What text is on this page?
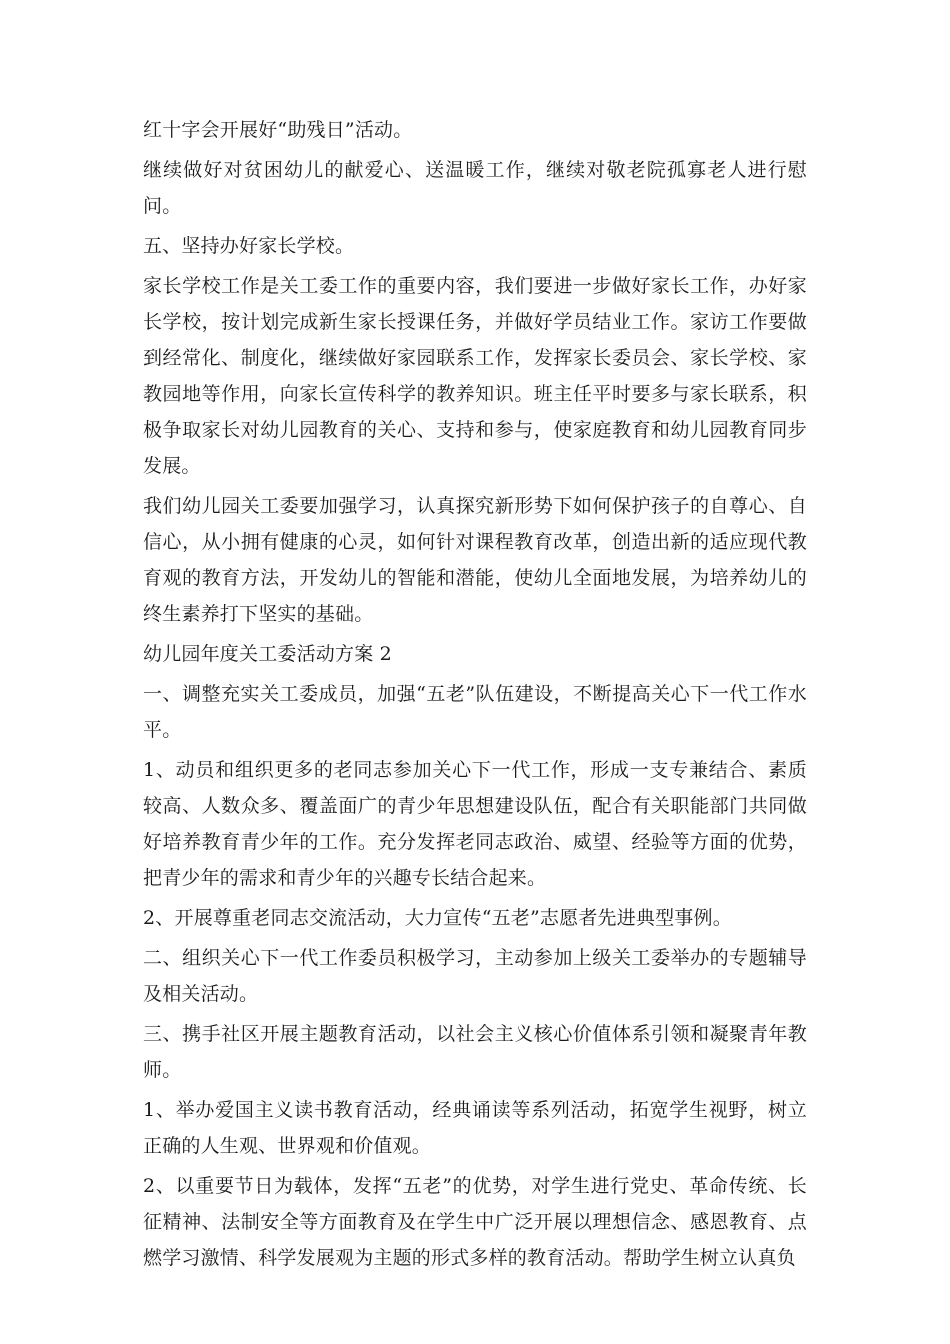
红十字会开展好“助残日”活动。

继续做好对贫困幼儿的献爱心、送温暖工作，继续对敬老院孤寡老人进行慰问。

五、坚持办好家长学校。

家长学校工作是关工委工作的重要内容，我们要进一步做好家长工作，办好家长学校，按计划完成新生家长授课任务，并做好学员结业工作。家访工作要做到经常化、制度化，继续做好家园联系工作，发挥家长委员会、家长学校、家教园地等作用，向家长宣传科学的教养知识。班主任平时要多与家长联系，积极争取家长对幼儿园教育的关心、支持和参与，使家庭教育和幼儿园教育同步发展。

我们幼儿园关工委要加强学习，认真探究新形势下如何保护孩子的自尊心、自信心，从小拥有健康的心灵，如何针对课程教育改革，创造出新的适应现代教育观的教育方法，开发幼儿的智能和潜能，使幼儿全面地发展，为培养幼儿的终生素养打下坚实的基础。

幼儿园年度关工委活动方案 2

一、调整充实关工委成员，加强“五老”队伍建设，不断提高关心下一代工作水平。

1、动员和组织更多的老同志参加关心下一代工作，形成一支专兼结合、素质较高、人数众多、覆盖面广的青少年思想建设队伍，配合有关职能部门共同做好培养教育青少年的工作。充分发挥老同志政治、威望、经验等方面的优势，把青少年的需求和青少年的兴趣专长结合起来。

2、开展尊重老同志交流活动，大力宣传“五老”志愿者先进典型事例。

二、组织关心下一代工作委员积极学习，主动参加上级关工委举办的专题辅导及相关活动。

三、携手社区开展主题教育活动，以社会主义核心价值体系引领和凝聚青年教师。

1、举办爱国主义读书教育活动，经典诵读等系列活动，拓宽学生视野，树立正确的人生观、世界观和价值观。

2、以重要节日为载体，发挥“五老”的优势，对学生进行党史、革命传统、长征精神、法制安全等方面教育及在学生中广泛开展以理想信念、感恩教育、点燃学习激情、科学发展观为主题的形式多样的教育活动。帮助学生树立认真负
